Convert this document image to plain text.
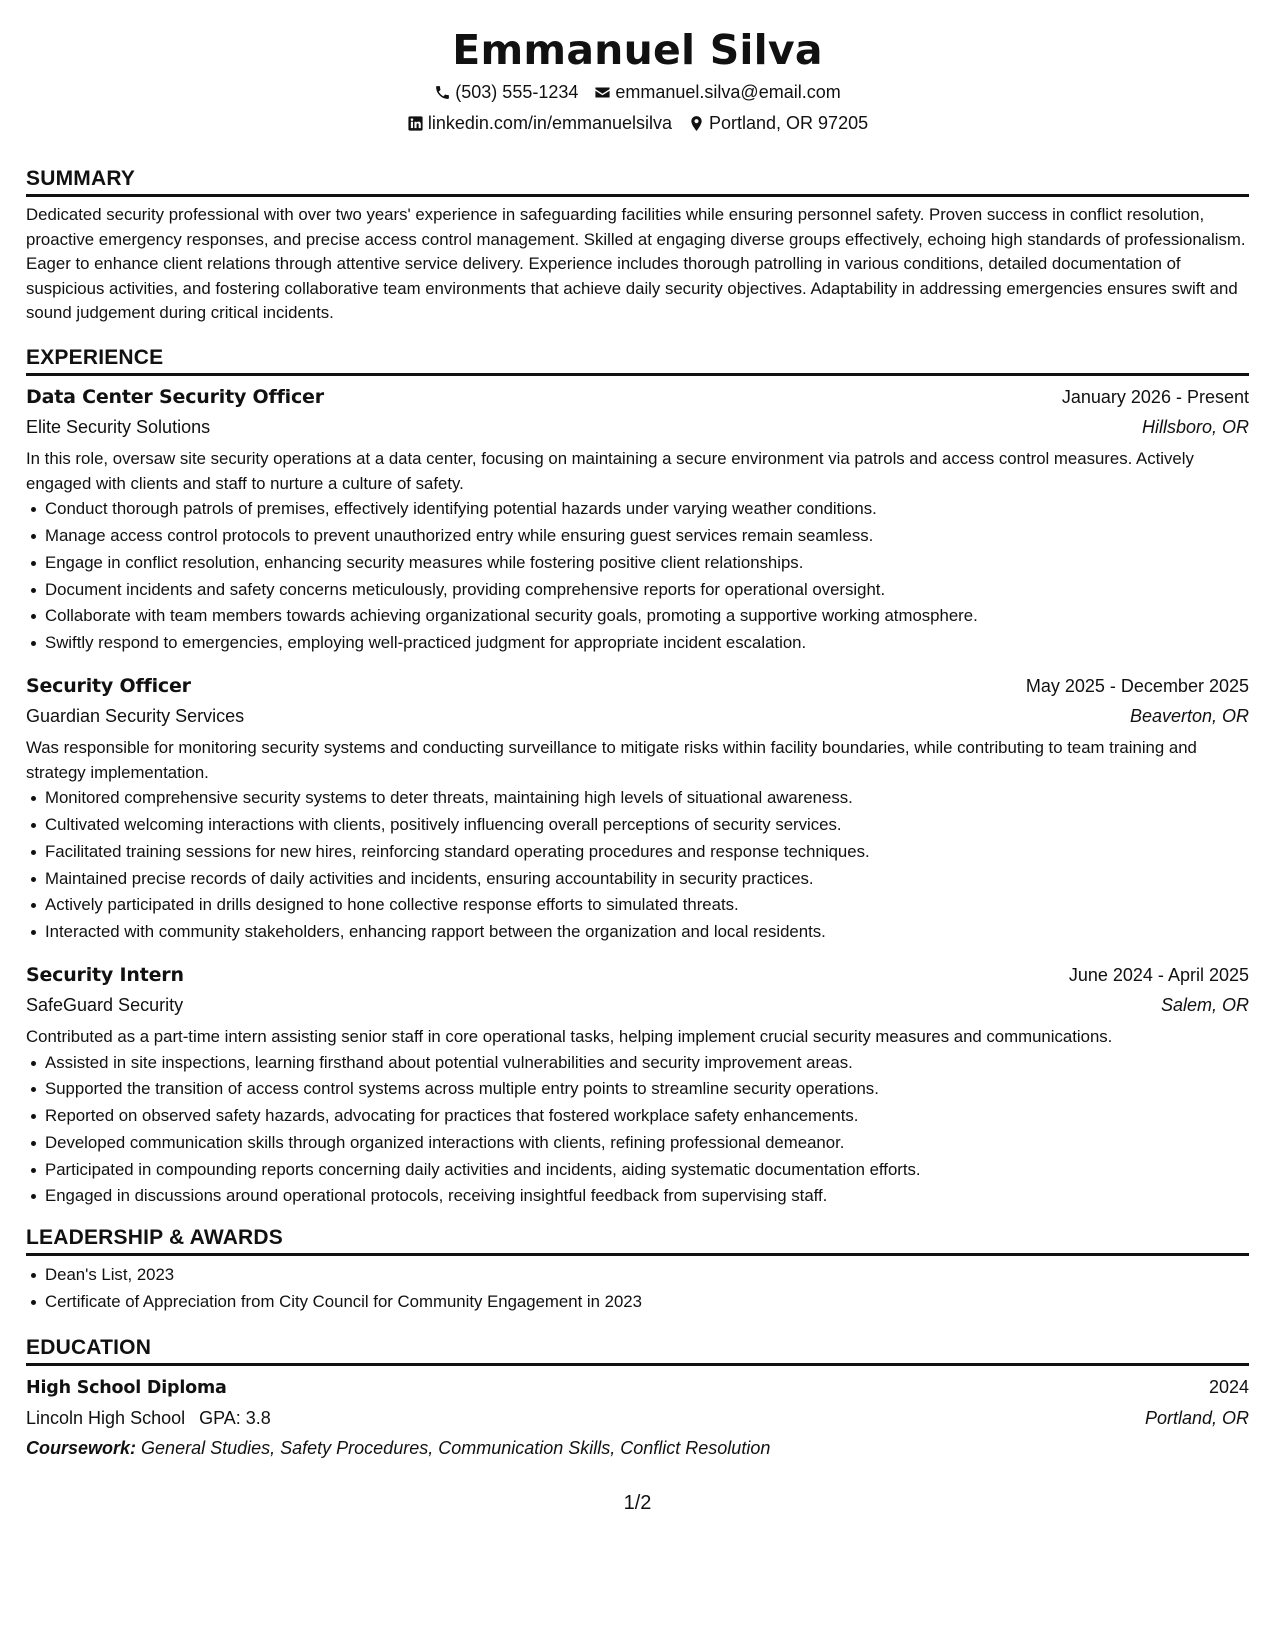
Emmanuel Silva
(503) 555-1234 emmanuel.silva@email.com
linkedin.com/in/emmanuelsilva Portland, OR 97205
SUMMARY

Dedicated security professional with over two years' experience in safeguarding facilities while ensuring personnel safety. Proven success in conflict resolution, proactive emergency responses, and precise access control management. Skilled at engaging diverse groups effectively, echoing high standards of professionalism. Eager to enhance client relations through attentive service delivery. Experience includes thorough patrolling in various conditions, detailed documentation of suspicious activities, and fostering collaborative team environments that achieve daily security objectives. Adaptability in addressing emergencies ensures swift and sound judgement during critical incidents.

EXPERIENCE
Data Center Security Officer	January 2026 - Present
Elite Security Solutions	Hillsboro, OR

In this role, oversaw site security operations at a data center, focusing on maintaining a secure environment via patrols and access control measures. Actively engaged with clients and staff to nurture a culture of safety.

Conduct thorough patrols of premises, effectively identifying potential hazards under varying weather conditions.
Manage access control protocols to prevent unauthorized entry while ensuring guest services remain seamless.
Engage in conflict resolution, enhancing security measures while fostering positive client relationships.
Document incidents and safety concerns meticulously, providing comprehensive reports for operational oversight.
Collaborate with team members towards achieving organizational security goals, promoting a supportive working atmosphere.
Swiftly respond to emergencies, employing well-practiced judgment for appropriate incident escalation.
Security Officer	May 2025 - December 2025
Guardian Security Services	Beaverton, OR

Was responsible for monitoring security systems and conducting surveillance to mitigate risks within facility boundaries, while contributing to team training and strategy implementation.

Monitored comprehensive security systems to deter threats, maintaining high levels of situational awareness.
Cultivated welcoming interactions with clients, positively influencing overall perceptions of security services.
Facilitated training sessions for new hires, reinforcing standard operating procedures and response techniques.
Maintained precise records of daily activities and incidents, ensuring accountability in security practices.
Actively participated in drills designed to hone collective response efforts to simulated threats.
Interacted with community stakeholders, enhancing rapport between the organization and local residents.
Security Intern	June 2024 - April 2025
SafeGuard Security	Salem, OR

Contributed as a part-time intern assisting senior staff in core operational tasks, helping implement crucial security measures and communications.

Assisted in site inspections, learning firsthand about potential vulnerabilities and security improvement areas.
Supported the transition of access control systems across multiple entry points to streamline security operations.
Reported on observed safety hazards, advocating for practices that fostered workplace safety enhancements.
Developed communication skills through organized interactions with clients, refining professional demeanor.
Participated in compounding reports concerning daily activities and incidents, aiding systematic documentation efforts.
Engaged in discussions around operational protocols, receiving insightful feedback from supervising staff.
LEADERSHIP & AWARDS
Dean's List, 2023
Certificate of Appreciation from City Council for Community Engagement in 2023
EDUCATION
High School Diploma	2024
Lincoln High School GPA: 3.8	Portland, OR
Coursework: General Studies, Safety Procedures, Communication Skills, Conflict Resolution
1/2
